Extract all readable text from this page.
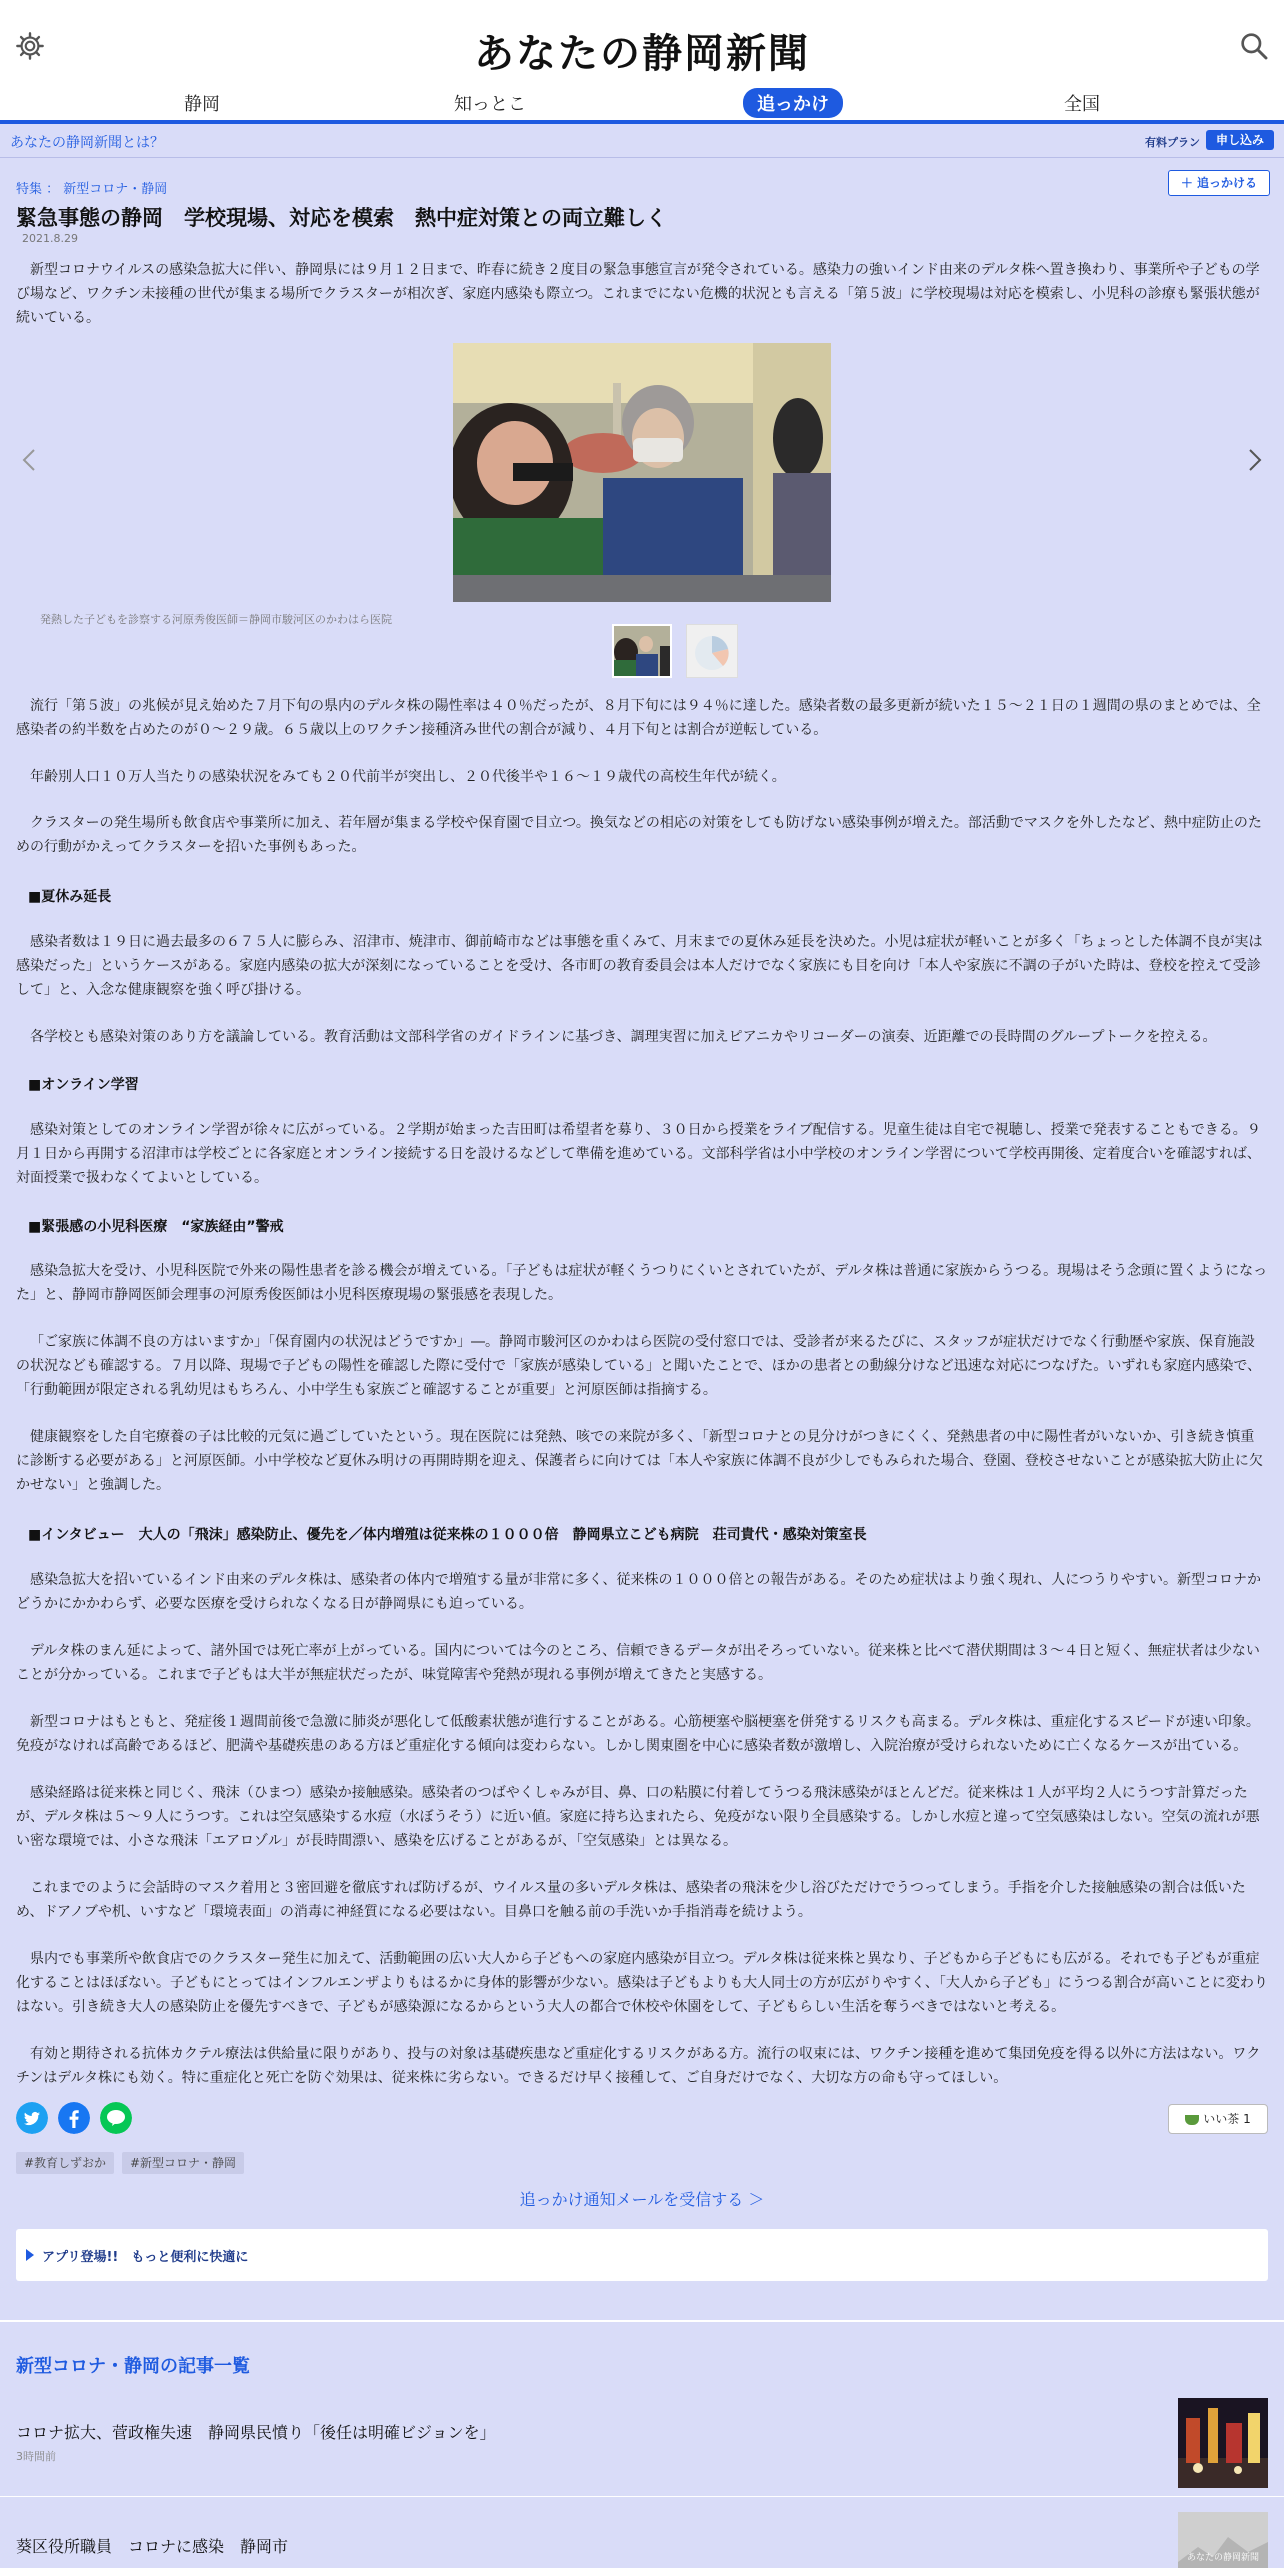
あなたの静岡新聞
静岡	知っとこ	追っかけ	全国
あなたの静岡新聞とは？	有料プラン	申し込み
特集 ： 新型コロナ・静岡	＋ 追っかける
緊急事態の静岡　学校現場、対応を模索　熱中症対策との両立難しく
2021.8.29
新型コロナウイルスの感染急拡大に伴い、静岡県には９月１２日まで、昨春に続き２度目の緊急事態宣言が発令されている。感染力の強いインド由来のデルタ株へ置き換わり、事業所や子どもの学び場など、ワクチン未接種の世代が集まる場所でクラスターが相次ぎ、家庭内感染も際立つ。これまでにない危機的状況とも言える「第５波」に学校現場は対応を模索し、小児科の診療も緊張状態が続いている。
発熱した子どもを診察する河原秀俊医師＝静岡市駿河区のかわはら医院
流行「第５波」の兆候が見え始めた７月下旬の県内のデルタ株の陽性率は４０％だったが、８月下旬には９４％に達した。感染者数の最多更新が続いた１５～２１日の１週間の県のまとめでは、全感染者の約半数を占めたのが０～２９歳。６５歳以上のワクチン接種済み世代の割合が減り、４月下旬とは割合が逆転している。
年齢別人口１０万人当たりの感染状況をみても２０代前半が突出し、２０代後半や１６～１９歳代の高校生年代が続く。
クラスターの発生場所も飲食店や事業所に加え、若年層が集まる学校や保育園で目立つ。換気などの相応の対策をしても防げない感染事例が増えた。部活動でマスクを外したなど、熱中症防止のための行動がかえってクラスターを招いた事例もあった。
■夏休み延長
感染者数は１９日に過去最多の６７５人に膨らみ、沼津市、焼津市、御前崎市などは事態を重くみて、月末までの夏休み延長を決めた。小児は症状が軽いことが多く「ちょっとした体調不良が実は感染だった」というケースがある。家庭内感染の拡大が深刻になっていることを受け、各市町の教育委員会は本人だけでなく家族にも目を向け「本人や家族に不調の子がいた時は、登校を控えて受診して」と、入念な健康観察を強く呼び掛ける。
各学校とも感染対策のあり方を議論している。教育活動は文部科学省のガイドラインに基づき、調理実習に加えピアニカやリコーダーの演奏、近距離での長時間のグループトークを控える。
■オンライン学習
感染対策としてのオンライン学習が徐々に広がっている。２学期が始まった吉田町は希望者を募り、３０日から授業をライブ配信する。児童生徒は自宅で視聴し、授業で発表することもできる。９月１日から再開する沼津市は学校ごとに各家庭とオンライン接続する日を設けるなどして準備を進めている。文部科学省は小中学校のオンライン学習について学校再開後、定着度合いを確認すれば、対面授業で扱わなくてよいとしている。
■緊張感の小児科医療　“家族経由”警戒
感染急拡大を受け、小児科医院で外来の陽性患者を診る機会が増えている。「子どもは症状が軽くうつりにくいとされていたが、デルタ株は普通に家族からうつる。現場はそう念頭に置くようになった」と、静岡市静岡医師会理事の河原秀俊医師は小児科医療現場の緊張感を表現した。
「ご家族に体調不良の方はいますか」「保育園内の状況はどうですか」―。静岡市駿河区のかわはら医院の受付窓口では、受診者が来るたびに、スタッフが症状だけでなく行動歴や家族、保育施設の状況なども確認する。７月以降、現場で子どもの陽性を確認した際に受付で「家族が感染している」と聞いたことで、ほかの患者との動線分けなど迅速な対応につなげた。いずれも家庭内感染で、「行動範囲が限定される乳幼児はもちろん、小中学生も家族ごと確認することが重要」と河原医師は指摘する。
健康観察をした自宅療養の子は比較的元気に過ごしていたという。現在医院には発熱、咳での来院が多く、「新型コロナとの見分けがつきにくく、発熱患者の中に陽性者がいないか、引き続き慎重に診断する必要がある」と河原医師。小中学校など夏休み明けの再開時期を迎え、保護者らに向けては「本人や家族に体調不良が少しでもみられた場合、登園、登校させないことが感染拡大防止に欠かせない」と強調した。
■インタビュー　大人の「飛沫」感染防止、優先を／体内増殖は従来株の１０００倍　静岡県立こども病院　荘司貴代・感染対策室長
感染急拡大を招いているインド由来のデルタ株は、感染者の体内で増殖する量が非常に多く、従来株の１０００倍との報告がある。そのため症状はより強く現れ、人につうりやすい。新型コロナかどうかにかかわらず、必要な医療を受けられなくなる日が静岡県にも迫っている。
デルタ株のまん延によって、諸外国では死亡率が上がっている。国内については今のところ、信頼できるデータが出そろっていない。従来株と比べて潜伏期間は３～４日と短く、無症状者は少ないことが分かっている。これまで子どもは大半が無症状だったが、味覚障害や発熱が現れる事例が増えてきたと実感する。
新型コロナはもともと、発症後１週間前後で急激に肺炎が悪化して低酸素状態が進行することがある。心筋梗塞や脳梗塞を併発するリスクも高まる。デルタ株は、重症化するスピードが速い印象。免疫がなければ高齢であるほど、肥満や基礎疾患のある方ほど重症化する傾向は変わらない。しかし関東圏を中心に感染者数が激増し、入院治療が受けられないために亡くなるケースが出ている。
感染経路は従来株と同じく、飛沫（ひまつ）感染か接触感染。感染者のつばやくしゃみが目、鼻、口の粘膜に付着してうつる飛沫感染がほとんどだ。従来株は１人が平均２人にうつす計算だったが、デルタ株は５～９人にうつす。これは空気感染する水痘（水ぼうそう）に近い値。家庭に持ち込まれたら、免疫がない限り全員感染する。しかし水痘と違って空気感染はしない。空気の流れが悪い密な環境では、小さな飛沫「エアロゾル」が長時間漂い、感染を広げることがあるが、「空気感染」とは異なる。
これまでのように会話時のマスク着用と３密回避を徹底すれば防げるが、ウイルス量の多いデルタ株は、感染者の飛沫を少し浴びただけでうつってしまう。手指を介した接触感染の割合は低いため、ドアノブや机、いすなど「環境表面」の消毒に神経質になる必要はない。目鼻口を触る前の手洗いか手指消毒を続けよう。
県内でも事業所や飲食店でのクラスター発生に加えて、活動範囲の広い大人から子どもへの家庭内感染が目立つ。デルタ株は従来株と異なり、子どもから子どもにも広がる。それでも子どもが重症化することはほぼない。子どもにとってはインフルエンザよりもはるかに身体的影響が少ない。感染は子どもよりも大人同士の方が広がりやすく、「大人から子ども」にうつる割合が高いことに変わりはない。引き続き大人の感染防止を優先すべきで、子どもが感染源になるからという大人の都合で休校や休園をして、子どもらしい生活を奪うべきではないと考える。
有効と期待される抗体カクテル療法は供給量に限りがあり、投与の対象は基礎疾患など重症化するリスクがある方。流行の収束には、ワクチン接種を進めて集団免疫を得る以外に方法はない。ワクチンはデルタ株にも効く。特に重症化と死亡を防ぐ効果は、従来株に劣らない。できるだけ早く接種して、ご自身だけでなく、大切な方の命も守ってほしい。
いい茶 1
#教育しずおか	#新型コロナ・静岡
追っかけ通知メールを受信する ＞
アプリ登場!!　もっと便利に快適に
新型コロナ・静岡の記事一覧
コロナ拡大、菅政権失速　静岡県民憤り「後任は明確ビジョンを」
3時間前
葵区役所職員　コロナに感染　静岡市
あなたの静岡新聞
